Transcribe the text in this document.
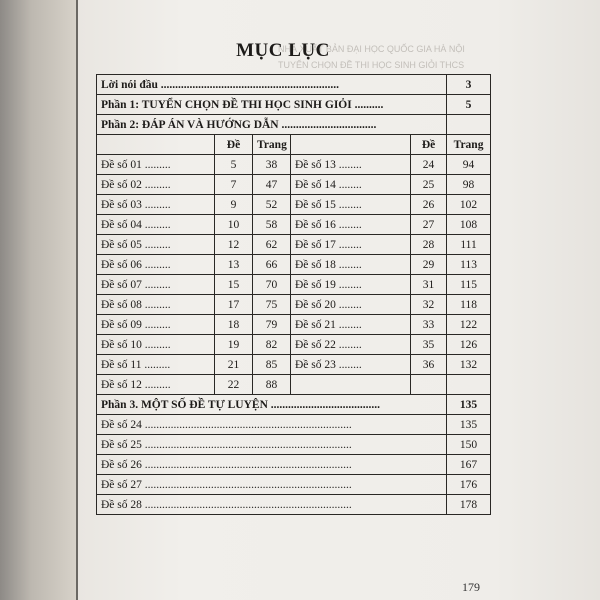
NHÀ XUẤT BẢN ĐẠI HỌC QUỐC GIA HÀ NỘI
TUYỂN CHỌN ĐỀ THI HỌC SINH GIỎI THCS
MỤC LỤC
Lời nói đầu ..............................................................					3
Phần 1: TUYỂN CHỌN ĐỀ THI HỌC SINH GIỎI ..........					5
Phần 2: ĐÁP ÁN VÀ HƯỚNG DẪN .................................					
	Đề	Trang		Đề	Trang
Đề số 01 .........	5	38	Đề số 13 ........	24	94
Đề số 02 .........	7	47	Đề số 14 ........	25	98
Đề số 03 .........	9	52	Đề số 15 ........	26	102
Đề số 04 .........	10	58	Đề số 16 ........	27	108
Đề số 05 .........	12	62	Đề số 17 ........	28	111
Đề số 06 .........	13	66	Đề số 18 ........	29	113
Đề số 07 .........	15	70	Đề số 19 ........	31	115
Đề số 08 .........	17	75	Đề số 20 ........	32	118
Đề số 09 .........	18	79	Đề số 21 ........	33	122
Đề số 10 .........	19	82	Đề số 22 ........	35	126
Đề số 11 .........	21	85	Đề số 23 ........	36	132
Đề số 12 .........	22	88			
Phần 3. MỘT SỐ ĐỀ TỰ LUYỆN ......................................					135
Đề số 24 ........................................................................					135
Đề số 25 ........................................................................					150
Đề số 26 ........................................................................					167
Đề số 27 ........................................................................					176
Đề số 28 ........................................................................					178
179
